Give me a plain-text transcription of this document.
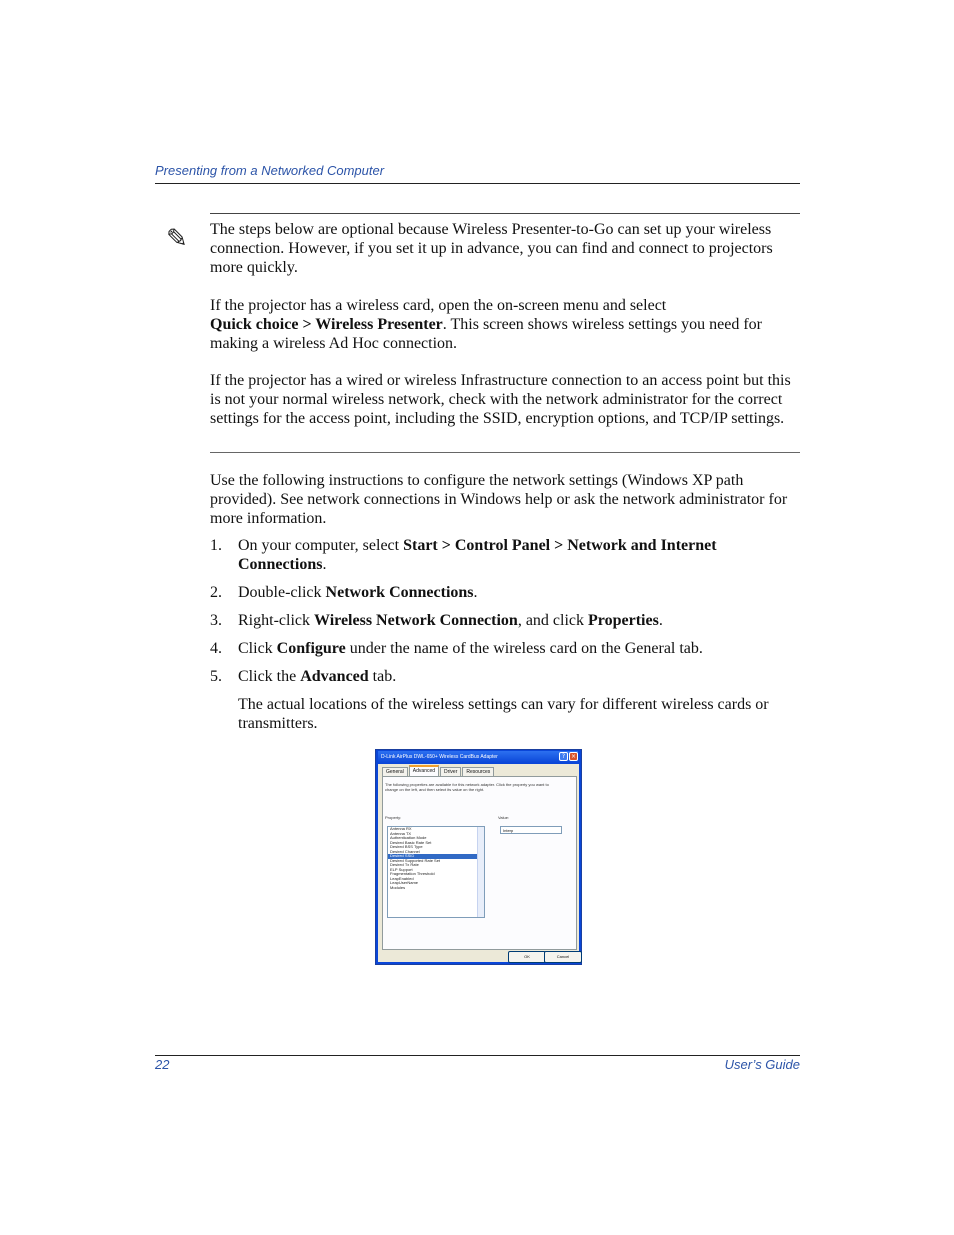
Presenting from a Networked Computer
✎ The steps below are optional because Wireless Presenter-to-Go can set up your wireless connection. However, if you set it up in advance, you can find and connect to projectors more quickly.
If the projector has a wireless card, open the on-screen menu and select
Quick choice > Wireless Presenter. This screen shows wireless settings you need for making a wireless Ad Hoc connection.
If the projector has a wired or wireless Infrastructure connection to an access point but this is not your normal wireless network, check with the network administrator for the correct settings for the access point, including the SSID, encryption options, and TCP/IP settings.
Use the following instructions to configure the network settings (Windows XP path provided). See network connections in Windows help or ask the network administrator for more information.
1.	On your computer, select Start > Control Panel > Network and Internet Connections.
2.	Double-click Network Connections.
3.	Right-click Wireless Network Connection, and click Properties.
4.	Click Configure under the name of the wireless card on the General tab.
5.	Click the Advanced tab.
The actual locations of the wireless settings can vary for different wireless cards or transmitters.
D-Link AirPlus DWL-650+ Wireless CardBus Adapter	? ×
General	Advanced	Driver	Resources
The following properties are available for this network adapter. Click the property you want to change on the left, and then select its value on the right.
Property:	Value:
Antenna RX
Antenna TX
Authentication Mode
Desired Basic Rate Set
Desired BSS Type
Desired Channel
Desired SSID
Desired Supported Rate Set
Desired Tx Rate
ELP Support
Fragmentation Threshold
LeapEnabled
LeapUserName
Modules
Interp
OK	Cancel
22	User’s Guide
